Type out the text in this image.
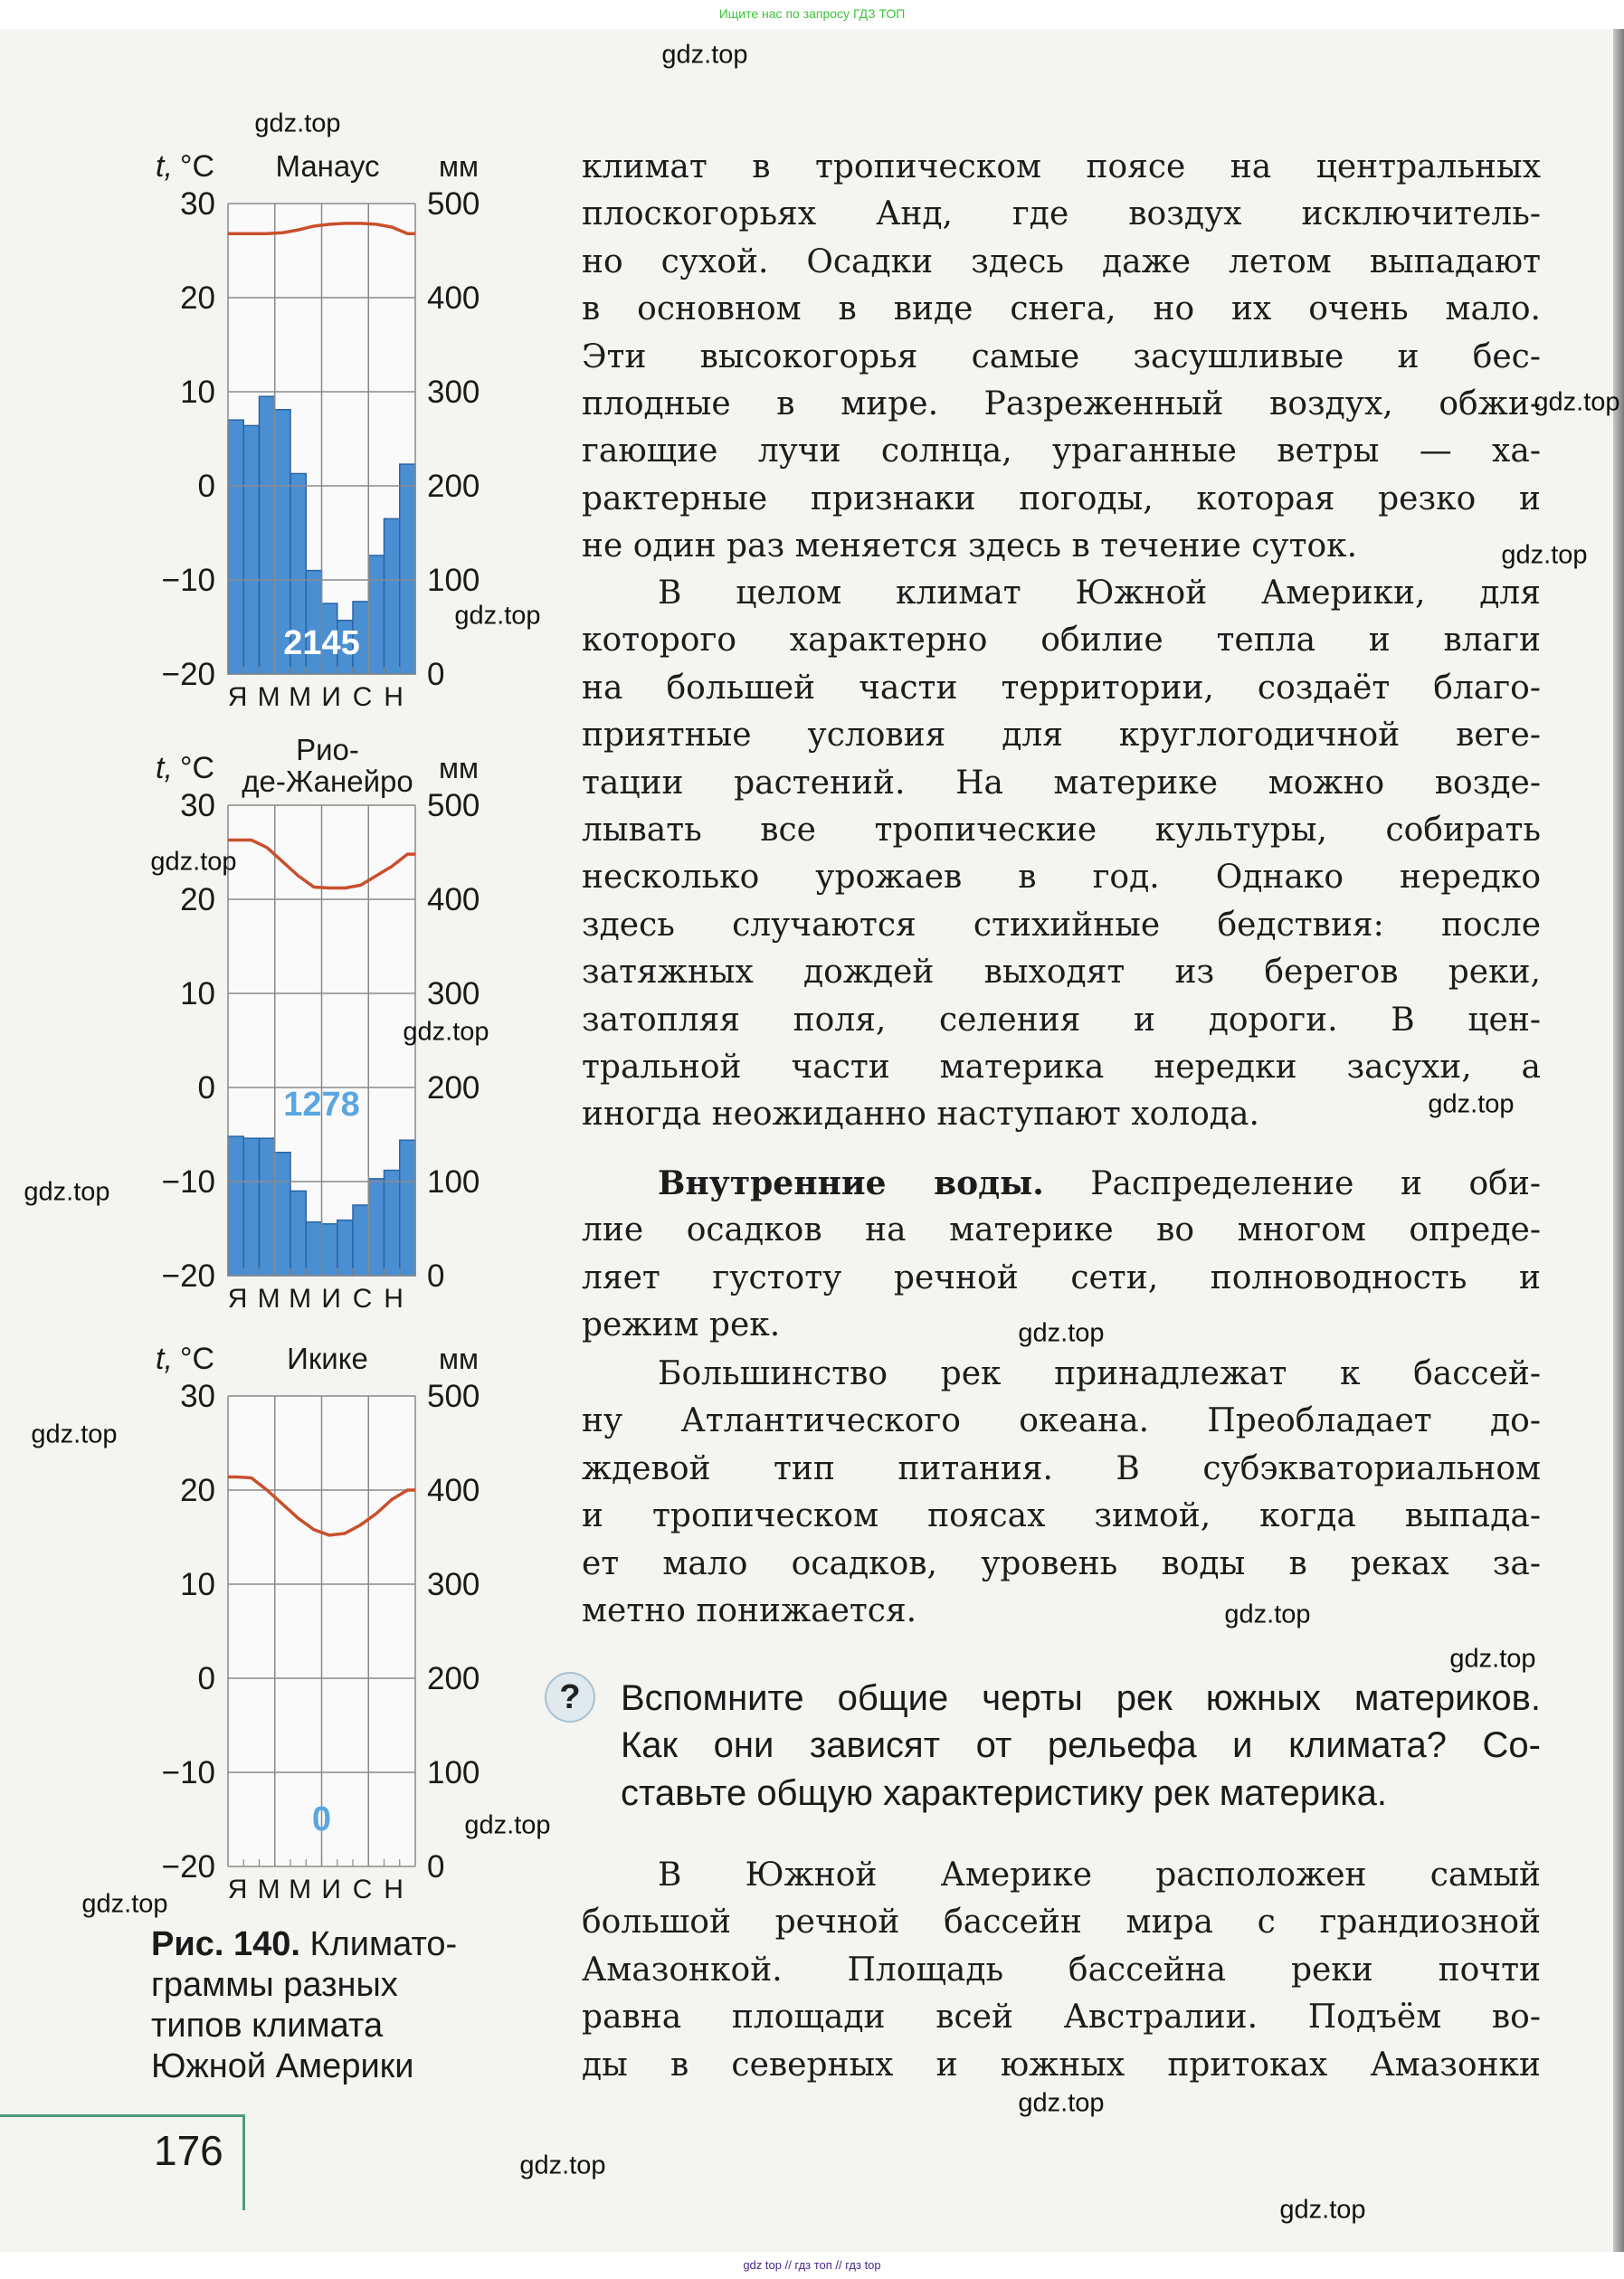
Ищите нас по запросу ГДЗ ТОП
30
20
10
0
−10
−20
500
400
300
200
100
0
Я М М И С Н
t, °C	мм
Манаус
2145
30
20
10
0
−10
−20
500
400
300
200
100
0
Я М М И С Н
t, °C	мм
Рио-
де-Жанейро
1278
30
20
10
0
−10
−20
500
400
300
200
100
0
Я М М И С Н
t, °C	мм
Икике
0
климат в тропическом поясе на центральных
плоскогорьях Анд, где воздух исключитель-
но сухой. Осадки здесь даже летом выпадают
в основном в виде снега, но их очень мало.
Эти высокогорья самые засушливые и бес-
плодные в мире. Разреженный воздух, обжи-
гающие лучи солнца, ураганные ветры — ха-
рактерные признаки погоды, которая резко и
не один раз меняется здесь в течение суток.
В целом климат Южной Америки, для
которого характерно обилие тепла и влаги
на большей части территории, создаёт благо-
приятные условия для круглогодичной веге-
тации растений. На материке можно возде-
лывать все тропические культуры, собирать
несколько урожаев в год. Однако нередко
здесь случаются стихийные бедствия: после
затяжных дождей выходят из берегов реки,
затопляя поля, селения и дороги. В цен-
тральной части материка нередки засухи, а
иногда неожиданно наступают холода.
Внутренние воды. Распределение и оби-
лие осадков на материке во многом опреде-
ляет густоту речной сети, полноводность и
режим рек.
Большинство рек принадлежат к бассей-
ну Атлантического океана. Преобладает до-
ждевой тип питания. В субэкваториальном
и тропическом поясах зимой, когда выпада-
ет мало осадков, уровень воды в реках за-
метно понижается.
В Южной Америке расположен самый
большой речной бассейн мира с грандиозной
Амазонкой. Площадь бассейна реки почти
равна площади всей Австралии. Подъём во-
ды в северных и южных притоках Амазонки
?	Вспомните общие черты рек южных материков.
Как они зависят от рельефа и климата? Со-
ставьте общую характеристику рек материка.
Рис. 140. Климато-
граммы разных
типов климата
Южной Америки
176
gdz.top
gdz.top
gdz.top
gdz.top
gdz.top
gdz.top
gdz.top
gdz.top
gdz.top
gdz.top
gdz.top
gdz.top
gdz.top
gdz.top
gdz.top
gdz.top
gdz.top
gdz.top
gdz top // гдз топ // гдз top
